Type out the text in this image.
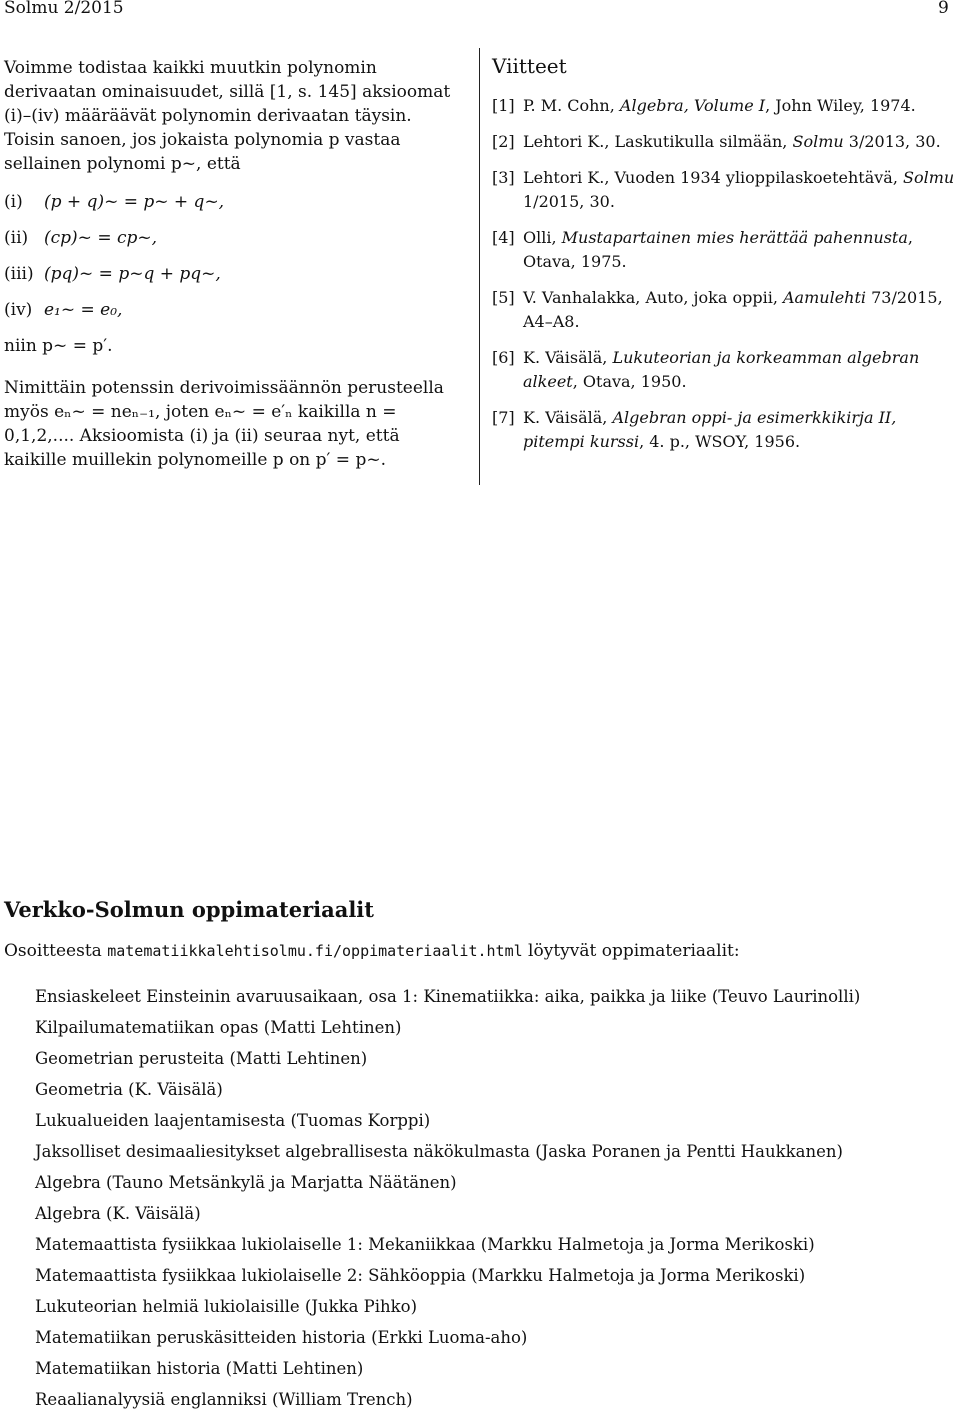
Solmu 2/2015	9

Voimme todistaa kaikki muutkin polynomin derivaatan ominaisuudet, sillä [1, s. 145] aksioomat (i)–(iv) määräävät polynomin derivaatan täysin. Toisin sanoen, jos jokaista polynomia p vastaa sellainen polynomi p~, että

(i) (p + q)~ = p~ + q~,
(ii) (cp)~ = cp~,
(iii) (pq)~ = p~q + pq~,
(iv) e₁~ = e₀,

niin p~ = p′.

Nimittäin potenssin derivoimissäännön perusteella myös eₙ~ = neₙ₋₁, joten eₙ~ = e′ₙ kaikilla n = 0,1,2,.... Aksioomista (i) ja (ii) seuraa nyt, että kaikille muillekin polynomeille p on p′ = p~.

Viitteet
[1] P. M. Cohn, Algebra, Volume I, John Wiley, 1974.
[2] Lehtori K., Laskutikulla silmään, Solmu 3/2013, 30.
[3] Lehtori K., Vuoden 1934 ylioppilaskoetehtävä, Solmu 1/2015, 30.
[4] Olli, Mustapartainen mies herättää pahennusta, Otava, 1975.
[5] V. Vanhalakka, Auto, joka oppii, Aamulehti 73/2015, A4–A8.
[6] K. Väisälä, Lukuteorian ja korkeamman algebran alkeet, Otava, 1950.
[7] K. Väisälä, Algebran oppi- ja esimerkkikirja II, pitempi kurssi, 4. p., WSOY, 1956.
Verkko-Solmun oppimateriaalit
Osoitteesta matematiikkalehtisolmu.fi/oppimateriaalit.html löytyvät oppimateriaalit:
Ensiaskeleet Einsteinin avaruusaikaan, osa 1: Kinematiikka: aika, paikka ja liike (Teuvo Laurinolli)
Kilpailumatematiikan opas (Matti Lehtinen)
Geometrian perusteita (Matti Lehtinen)
Geometria (K. Väisälä)
Lukualueiden laajentamisesta (Tuomas Korppi)
Jaksolliset desimaaliesitykset algebrallisesta näkökulmasta (Jaska Poranen ja Pentti Haukkanen)
Algebra (Tauno Metsänkylä ja Marjatta Näätänen)
Algebra (K. Väisälä)
Matemaattista fysiikkaa lukiolaiselle 1: Mekaniikkaa (Markku Halmetoja ja Jorma Merikoski)
Matemaattista fysiikkaa lukiolaiselle 2: Sähköoppia (Markku Halmetoja ja Jorma Merikoski)
Lukuteorian helmiä lukiolaisille (Jukka Pihko)
Matematiikan peruskäsitteiden historia (Erkki Luoma-aho)
Matematiikan historia (Matti Lehtinen)
Reaalianalyysiä englanniksi (William Trench)
